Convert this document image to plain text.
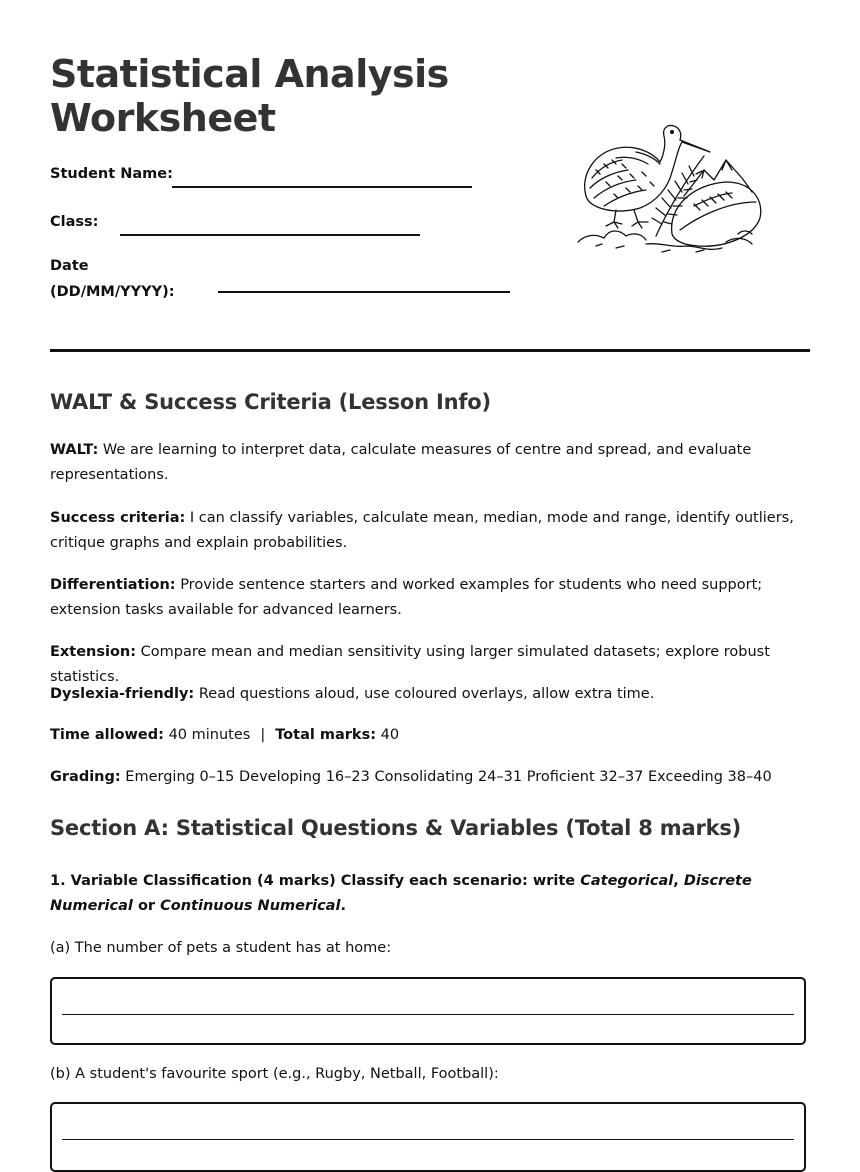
Statistical Analysis Worksheet
Student Name:
Class:
Date
(DD/MM/YYYY):
WALT & Success Criteria (Lesson Info)

WALT: We are learning to interpret data, calculate measures of centre and spread, and evaluate representations.

Success criteria: I can classify variables, calculate mean, median, mode and range, identify outliers, critique graphs and explain probabilities.

Differentiation: Provide sentence starters and worked examples for students who need support; extension tasks available for advanced learners.

Extension: Compare mean and median sensitivity using larger simulated datasets; explore robust statistics.

Dyslexia-friendly: Read questions aloud, use coloured overlays, allow extra time.

Time allowed: 40 minutes | Total marks: 40

Grading: Emerging 0–15 Developing 16–23 Consolidating 24–31 Proficient 32–37 Exceeding 38–40

Section A: Statistical Questions & Variables (Total 8 marks)

1. Variable Classification (4 marks) Classify each scenario: write Categorical, Discrete Numerical or Continuous Numerical.

(a) The number of pets a student has at home:

(b) A student's favourite sport (e.g., Rugby, Netball, Football):
